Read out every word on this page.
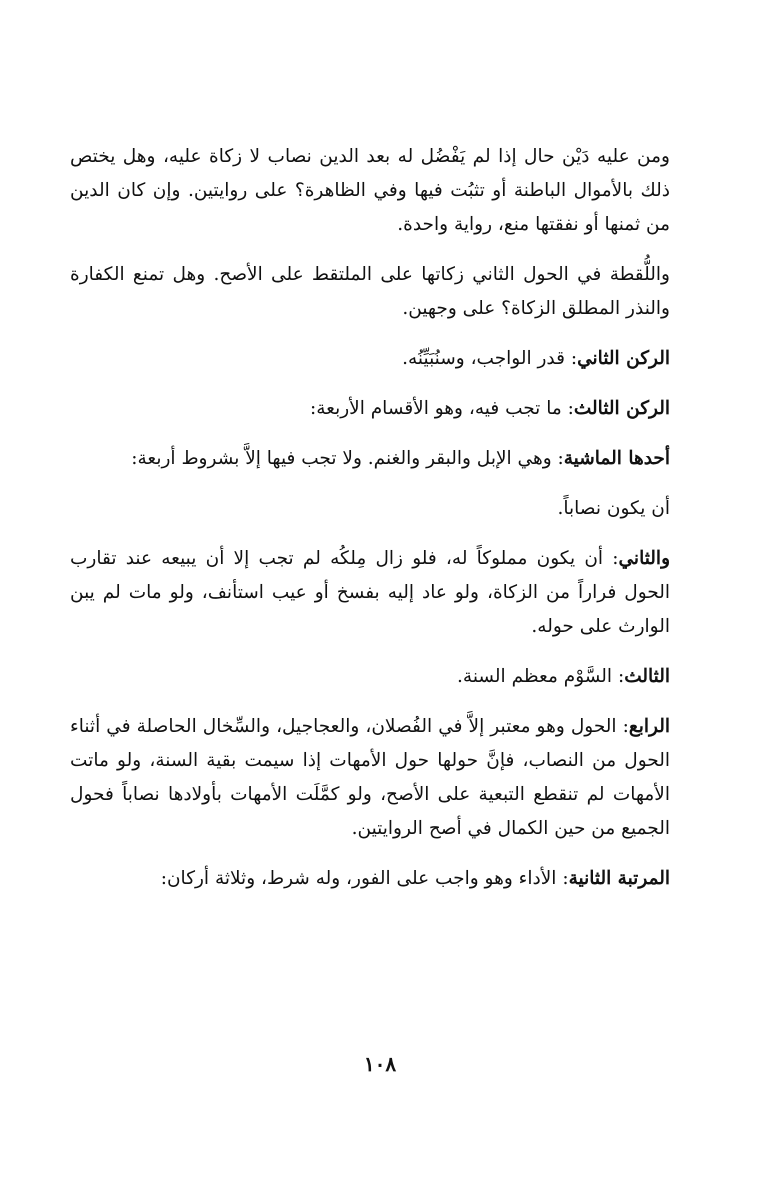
ومن عليه دَيْن حال إذا لم يَفْضُل له بعد الدين نصاب لا زكاة عليه، وهل يختص ذلك بالأموال الباطنة أو تثبُت فيها وفي الظاهرة؟ على روايتين. وإن كان الدين من ثمنها أو نفقتها منع، رواية واحدة.

واللُّقطة في الحول الثاني زكاتها على الملتقط على الأصح. وهل تمنع الكفارة والنذر المطلق الزكاة؟ على وجهين.

الركن الثاني: قدر الواجب، وسنُبَيِّنُه.

الركن الثالث: ما تجب فيه، وهو الأقسام الأربعة:

أحدها الماشية: وهي الإبل والبقر والغنم. ولا تجب فيها إلاَّ بشروط أربعة:

أن يكون نصاباً.

والثاني: أن يكون مملوكاً له، فلو زال مِلكُه لم تجب إلا أن يبيعه عند تقارب الحول فراراً من الزكاة، ولو عاد إليه بفسخ أو عيب استأنف، ولو مات لم يبن الوارث على حوله.

الثالث: السَّوْم معظم السنة.

الرابع: الحول وهو معتبر إلاَّ في الفُصلان، والعجاجيل، والسِّخال الحاصلة في أثناء الحول من النصاب، فإنَّ حولها حول الأمهات إذا سيمت بقية السنة، ولو ماتت الأمهات لم تنقطع التبعية على الأصح، ولو كمَّلَت الأمهات بأولادها نصاباً فحول الجميع من حين الكمال في أصح الروايتين.

المرتبة الثانية: الأداء وهو واجب على الفور، وله شرط، وثلاثة أركان:

١٠٨
